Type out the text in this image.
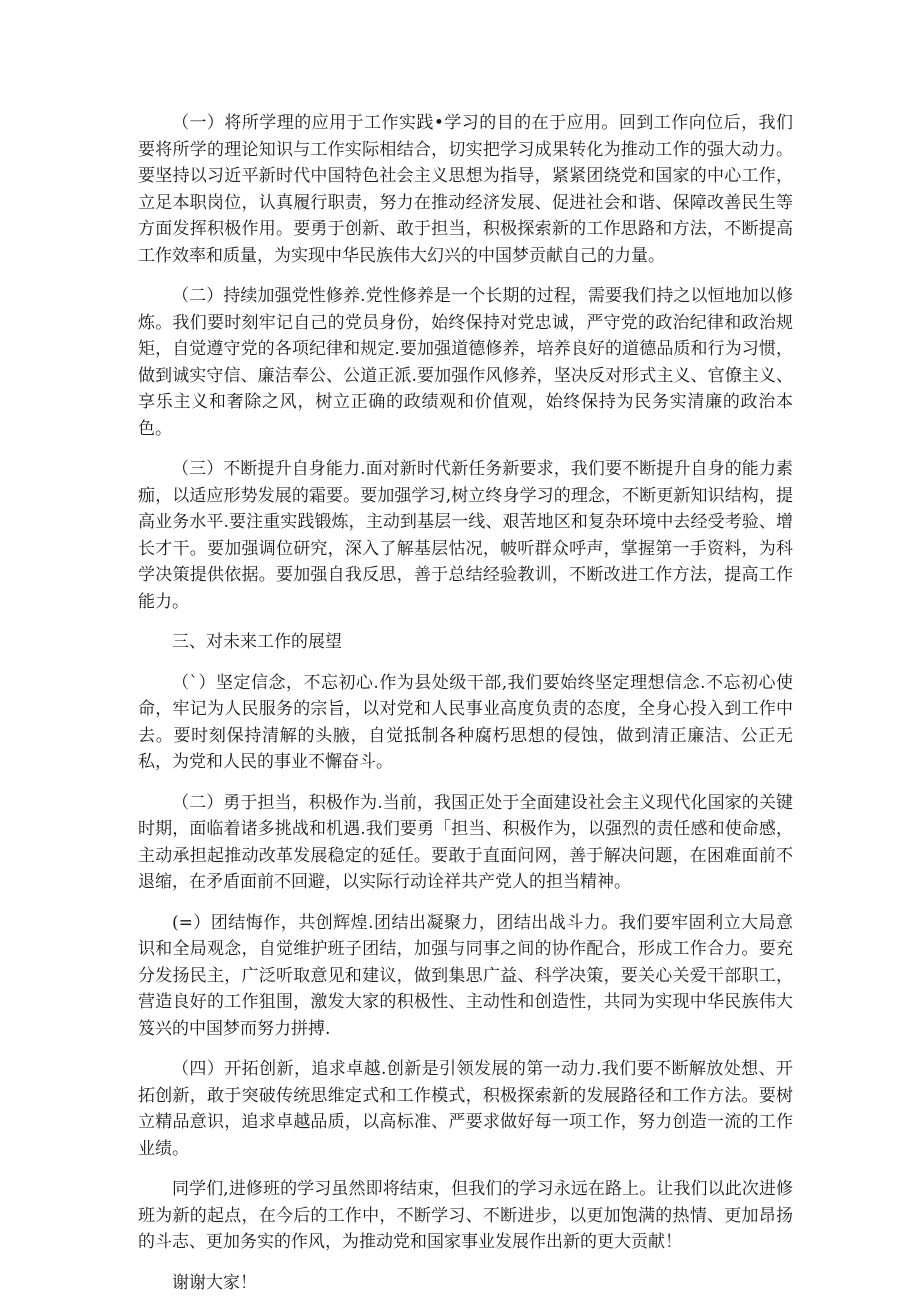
（一）将所学理的应用于工作实践•学习的目的在于应用。回到工作向位后，我们要将所学的理论知识与工作实际相结合，切实把学习成果转化为推动工作的强大动力。要坚持以习近平新时代中国特色社会主义思想为指导，紧紧团绕党和国家的中心工作，立足本职岗位，认真履行职责，努力在推动经济发展、促进社会和谐、保障改善民生等方面发挥积极作用。要勇于创新、敢于担当，积极探索新的工作思路和方法，不断提高工作效率和质量，为实现中华民族伟大幻兴的中国梦贡献自己的力量。

（二）持续加强党性修养.党性修养是一个长期的过程，需要我们持之以恒地加以修炼。我们要时刻牢记自己的党员身份，始终保持对党忠诚，严守党的政治纪律和政治规矩，自觉遵守党的各项纪律和规定.要加强道德修养，培养良好的道德品质和行为习惯，做到诚实守信、廉洁奉公、公道正派.要加强作风修养，坚决反对形式主义、官僚主义、享乐主义和奢除之风，树立正确的政绩观和价值观，始终保持为民务实清廉的政治本色。

（三）不断提升自身能力.面对新时代新任务新要求，我们要不断提升自身的能力素痂，以适应形势发展的霜要。要加强学习,树立终身学习的理念，不断更新知识结构，提高业务水平.要注重实践锻炼，主动到基层一线、艰苦地区和复杂环境中去经受考验、增长才干。要加强调位研究，深入了解基层怙况，帔听群众呼声，掌握第一手资料，为科学决策提供依据。要加强自我反思，善于总结经验教训，不断改进工作方法，提高工作能力。

三、对未来工作的展望

（`）坚定信念，不忘初心.作为县处级干部,我们要始终坚定理想信念.不忘初心使命，牢记为人民服务的宗旨，以对党和人民事业高度负责的态度，全身心投入到工作中去。要时刻保持清解的头腋，自觉抵制各种腐朽思想的侵蚀，做到清正廉洁、公正无私，为党和人民的事业不懈奋斗。

（二）勇于担当，积极作为.当前，我国正处于全面建设社会主义现代化国家的关键时期，面临着诸多挑战和机遇.我们要勇「担当、积极作为，以强烈的责任感和使命感，主动承担起推动改革发展稳定的延任。要敢于直面问网，善于解决问题，在困难面前不退缩，在矛盾面前不回避，以实际行动诠祥共产党人的担当精神。

(=）团结悔作，共创辉煌.团结出凝聚力，团结出战斗力。我们要牢固利立大局意识和全局观念，自觉维护班子团结，加强与同事之间的协作配合，形成工作合力。要充分发扬民主，广泛听取意见和建议，做到集思广益、科学决策，要关心关爱干部职工，营造良好的工作狙围，激发大家的积极性、主动性和创造性，共同为实现中华民族伟大笈兴的中国梦而努力拼搏.

（四）开拓创新，追求卓越.创新是引领发展的第一动力.我们要不断解放处想、开拓创新，敢于突破传统思维定式和工作模式，积极探索新的发展路径和工作方法。要树立精品意识，追求卓越品质，以高标准、严要求做好每一项工作，努力创造一流的工作业绩。

同学们,进修班的学习虽然即将结束，但我们的学习永远在路上。让我们以此次进修班为新的起点，在今后的工作中，不断学习、不断进步，以更加饱满的热情、更加昂扬的斗志、更加务实的作风，为推动党和国家事业发展作出新的更大贡献！

谢谢大家！
